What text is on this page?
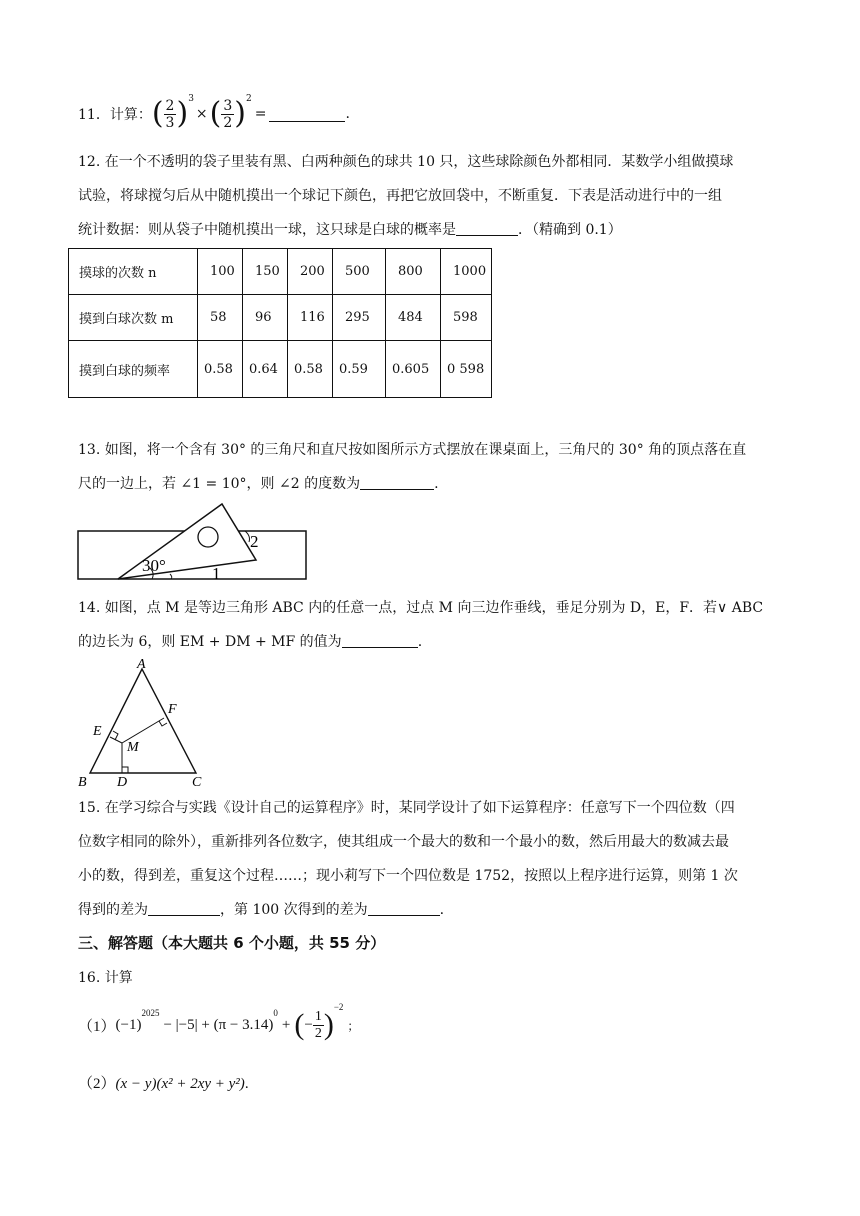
11．计算： ( $\frac{2}{3} )^3$
× ( $\frac{3}{2} )^2$
=	.
12. 在一个不透明的袋子里装有黑、白两种颜色的球共 10 只，这些球除颜色外都相同．某数学小组做摸球
试验，将球搅匀后从中随机摸出一个球记下颜色，再把它放回袋中，不断重复．下表是活动进行中的一组
统计数据：则从袋子中随机摸出一球，这只球是白球的概率是	．（精确到 0.1）
摸球的次数 n	100	150	200	500	800	1000
摸到白球次数 m	58	96	116	295	484	598
摸到白球的频率	0.58	0.64	0.58	0.59	0.605	0 598
13. 如图，将一个含有 30° 的三角尺和直尺按如图所示方式摆放在课桌面上，三角尺的 30° 角的顶点落在直
尺的一边上，若 ∠1 = 10°，则 ∠2 的度数为	.
30°	1
2
14. 如图，点 M 是等边三角形 ABC 内的任意一点，过点 M 向三边作垂线，垂足分别为 D，E，F．若∨ ABC
的边长为 6，则 EM + DM + MF 的值为	.
A
B	C
D
E
F
M
15. 在学习综合与实践《设计自己的运算程序》时，某同学设计了如下运算程序：任意写下一个四位数（四
位数字相同的除外），重新排列各位数字，使其组成一个最大的数和一个最小的数，然后用最大的数减去最
小的数，得到差，重复这个过程……；现小莉写下一个四位数是 1752，按照以上程序进行运算，则第 1 次
得到的差为	，第 100 次得到的差为	.
三、解答题（本大题共 6 个小题，共 55 分）
16. 计算
（1） (−1)
$^{2025}$
− |−5| + (π − 3.14)
$^0$
+ ( − $\frac{1}{2}$ )
$^{-2}$
；
（2）(x − y)(x² + 2xy + y²).
